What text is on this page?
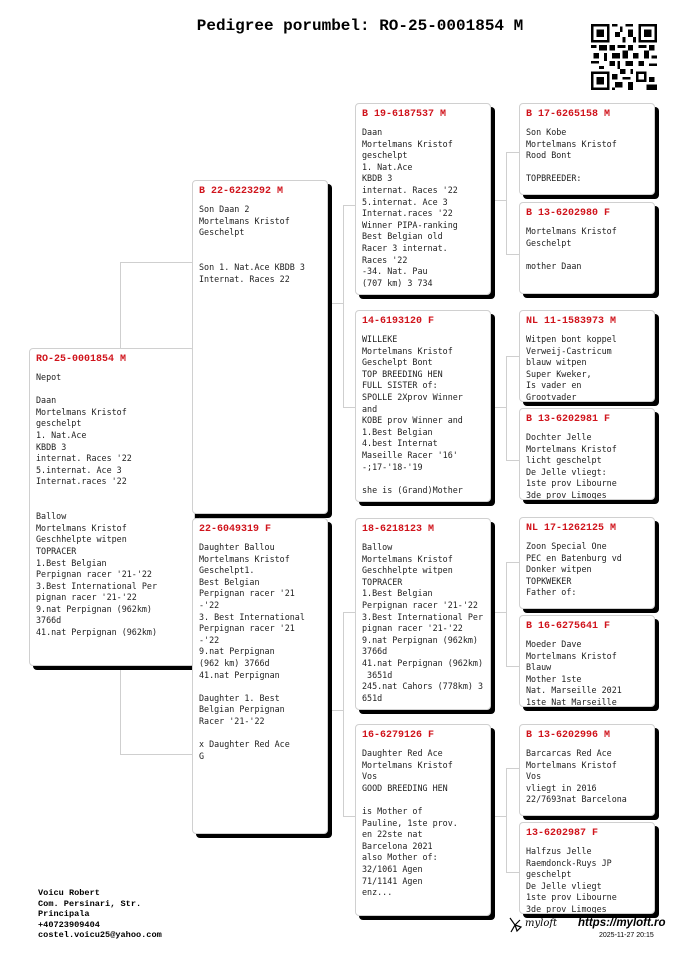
Pedigree porumbel: RO-25-0001854 M
RO-25-0001854 M

Nepot

Daan
Mortelmans Kristof
geschelpt
1. Nat.Ace
KBDB 3
internat. Races '22
5.internat. Ace 3
Internat.races '22

Ballow
Mortelmans Kristof
Geschhelpte witpen
TOPRACER
1.Best Belgian
Perpignan racer '21-'22
3.Best International Per
pignan racer '21-'22
9.nat Perpignan (962km)
3766d
41.nat Perpignan (962km)

B 22-6223292 M

Son Daan 2
Mortelmans Kristof
Geschelpt

Son 1. Nat.Ace KBDB 3
Internat. Races 22

22-6049319 F

Daughter Ballou
Mortelmans Kristof
Geschelpt1.
Best Belgian
Perpignan racer '21
-'22
3. Best International
Perpignan racer '21
-'22
9.nat Perpignan
(962 km) 3766d
41.nat Perpignan

Daughter 1. Best
Belgian Perpignan
Racer '21-'22

x Daughter Red Ace
G

B 19-6187537 M

Daan
Mortelmans Kristof
geschelpt
1. Nat.Ace
KBDB 3
internat. Races '22
5.internat. Ace 3
Internat.races '22
Winner PIPA-ranking
Best Belgian old
Racer 3 internat.
Races '22
-34. Nat. Pau
(707 km) 3 734

14-6193120 F

WILLEKE
Mortelmans Kristof
Geschelpt Bont
TOP BREEDING HEN
FULL SISTER of:
SPOLLE 2Xprov Winner
and
KOBE prov Winner and
1.Best Belgian
4.best Internat
Maseille Racer '16'
-;17-'18-'19

she is (Grand)Mother

18-6218123 M

Ballow
Mortelmans Kristof
Geschhelpte witpen
TOPRACER
1.Best Belgian
Perpignan racer '21-'22
3.Best International Per
pignan racer '21-'22
9.nat Perpignan (962km)
3766d
41.nat Perpignan (962km)
3651d
245.nat Cahors (778km) 3
651d

16-6279126 F

Daughter Red Ace
Mortelmans Kristof
Vos
GOOD BREEDING HEN

is Mother of
Pauline, 1ste prov.
en 22ste nat
Barcelona 2021
also Mother of:
32/1061 Agen
71/1141 Agen
enz...

B 17-6265158 M

Son Kobe
Mortelmans Kristof
Rood Bont

TOPBREEDER:

B 13-6202980 F

Mortelmans Kristof
Geschelpt

mother Daan

NL 11-1583973 M

Witpen bont koppel
Verweij-Castricum
blauw witpen
Super Kweker,
Is vader en
Grootvader

B 13-6202981 F

Dochter Jelle
Mortelmans Kristof
licht geschelpt
De Jelle vliegt:
1ste prov Libourne
3de prov Limoges

NL 17-1262125 M

Zoon Special One
PEC en Batenburg vd
Donker witpen
TOPKWEKER
Father of:

B 16-6275641 F

Moeder Dave
Mortelmans Kristof
Blauw
Mother 1ste
Nat. Marseille 2021
1ste Nat Marseille

B 13-6202996 M

Barcarcas Red Ace
Mortelmans Kristof
Vos
vliegt in 2016
22/7693nat Barcelona

13-6202987 F

Halfzus Jelle
Raemdonck-Ruys JP
geschelpt
De Jelle vliegt
1ste prov Libourne
3de prov Limoges

Voicu Robert
Com. Persinari, Str.
Principala
+40723909404
costel.voicu25@yahoo.com
myloft https://myloft.ro
2025-11-27 20:15
